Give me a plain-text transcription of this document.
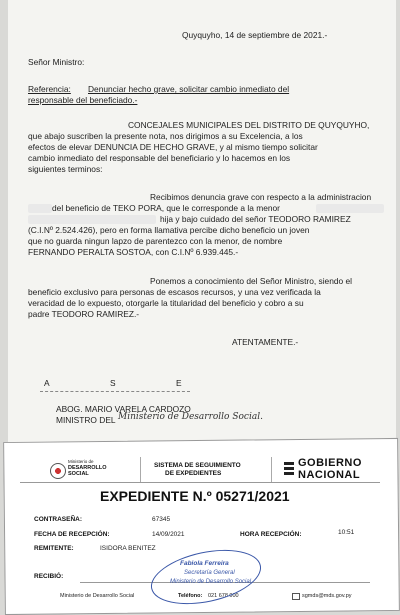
Quyquyho, 14 de septiembre de 2021.-
Señor Ministro:
Referencia: Denunciar hecho grave, solicitar cambio inmediato del
responsable del beneficiado.-
CONCEJALES MUNICIPALES DEL DISTRITO DE QUYQUYHO,
que abajo suscriben la presente nota, nos dirigimos a su Excelencia, a los
efectos de elevar DENUNCIA DE HECHO GRAVE, y al mismo tiempo solicitar
cambio inmediato del responsable del beneficiario y lo hacemos en los
siguientes terminos:
Recibimos denuncia grave con respecto a la administracion
del beneficio de TEKO PORA, que le corresponde a la menor
hija y bajo cuidado del señor TEODORO RAMIREZ
(C.I.Nº 2.524.426), pero en forma llamativa percibe dicho beneficio un joven
que no guarda ningun lapzo de parentezco con la menor, de nombre
FERNANDO PERALTA SOSTOA, con C.I.Nº 6.939.445.-
Ponemos a conocimiento del Señor Ministro, siendo el
beneficio exclusivo para personas de escasos recursos, y una vez verificada la
veracidad de lo expuesto, otorgarle la titularidad del beneficio y cobro a su
padre TEODORO RAMIREZ.-
ATENTAMENTE.-
A	S	E
ABOG. MARIO VARELA CARDOZO
MINISTRO DEL Ministerio de Desarrollo Social.
Ministerio de
DESARROLLO
SOCIAL
SISTEMA DE SEGUIMIENTO
DE EXPEDIENTES
GOBIERNO
NACIONAL
EXPEDIENTE N.º 05271/2021
CONTRASEÑA:	67345
FECHA DE RECEPCIÓN:	14/09/2021	HORA RECEPCIÓN:	10:51
REMITENTE:	ISIDORA BENITEZ
RECIBIÓ:
Ministerio de Desarrollo Social	Teléfono: 021 678 000	sgmds@mds.gov.py
Fabiola Ferreira
Secretaría General
Ministerio de Desarrollo Social
